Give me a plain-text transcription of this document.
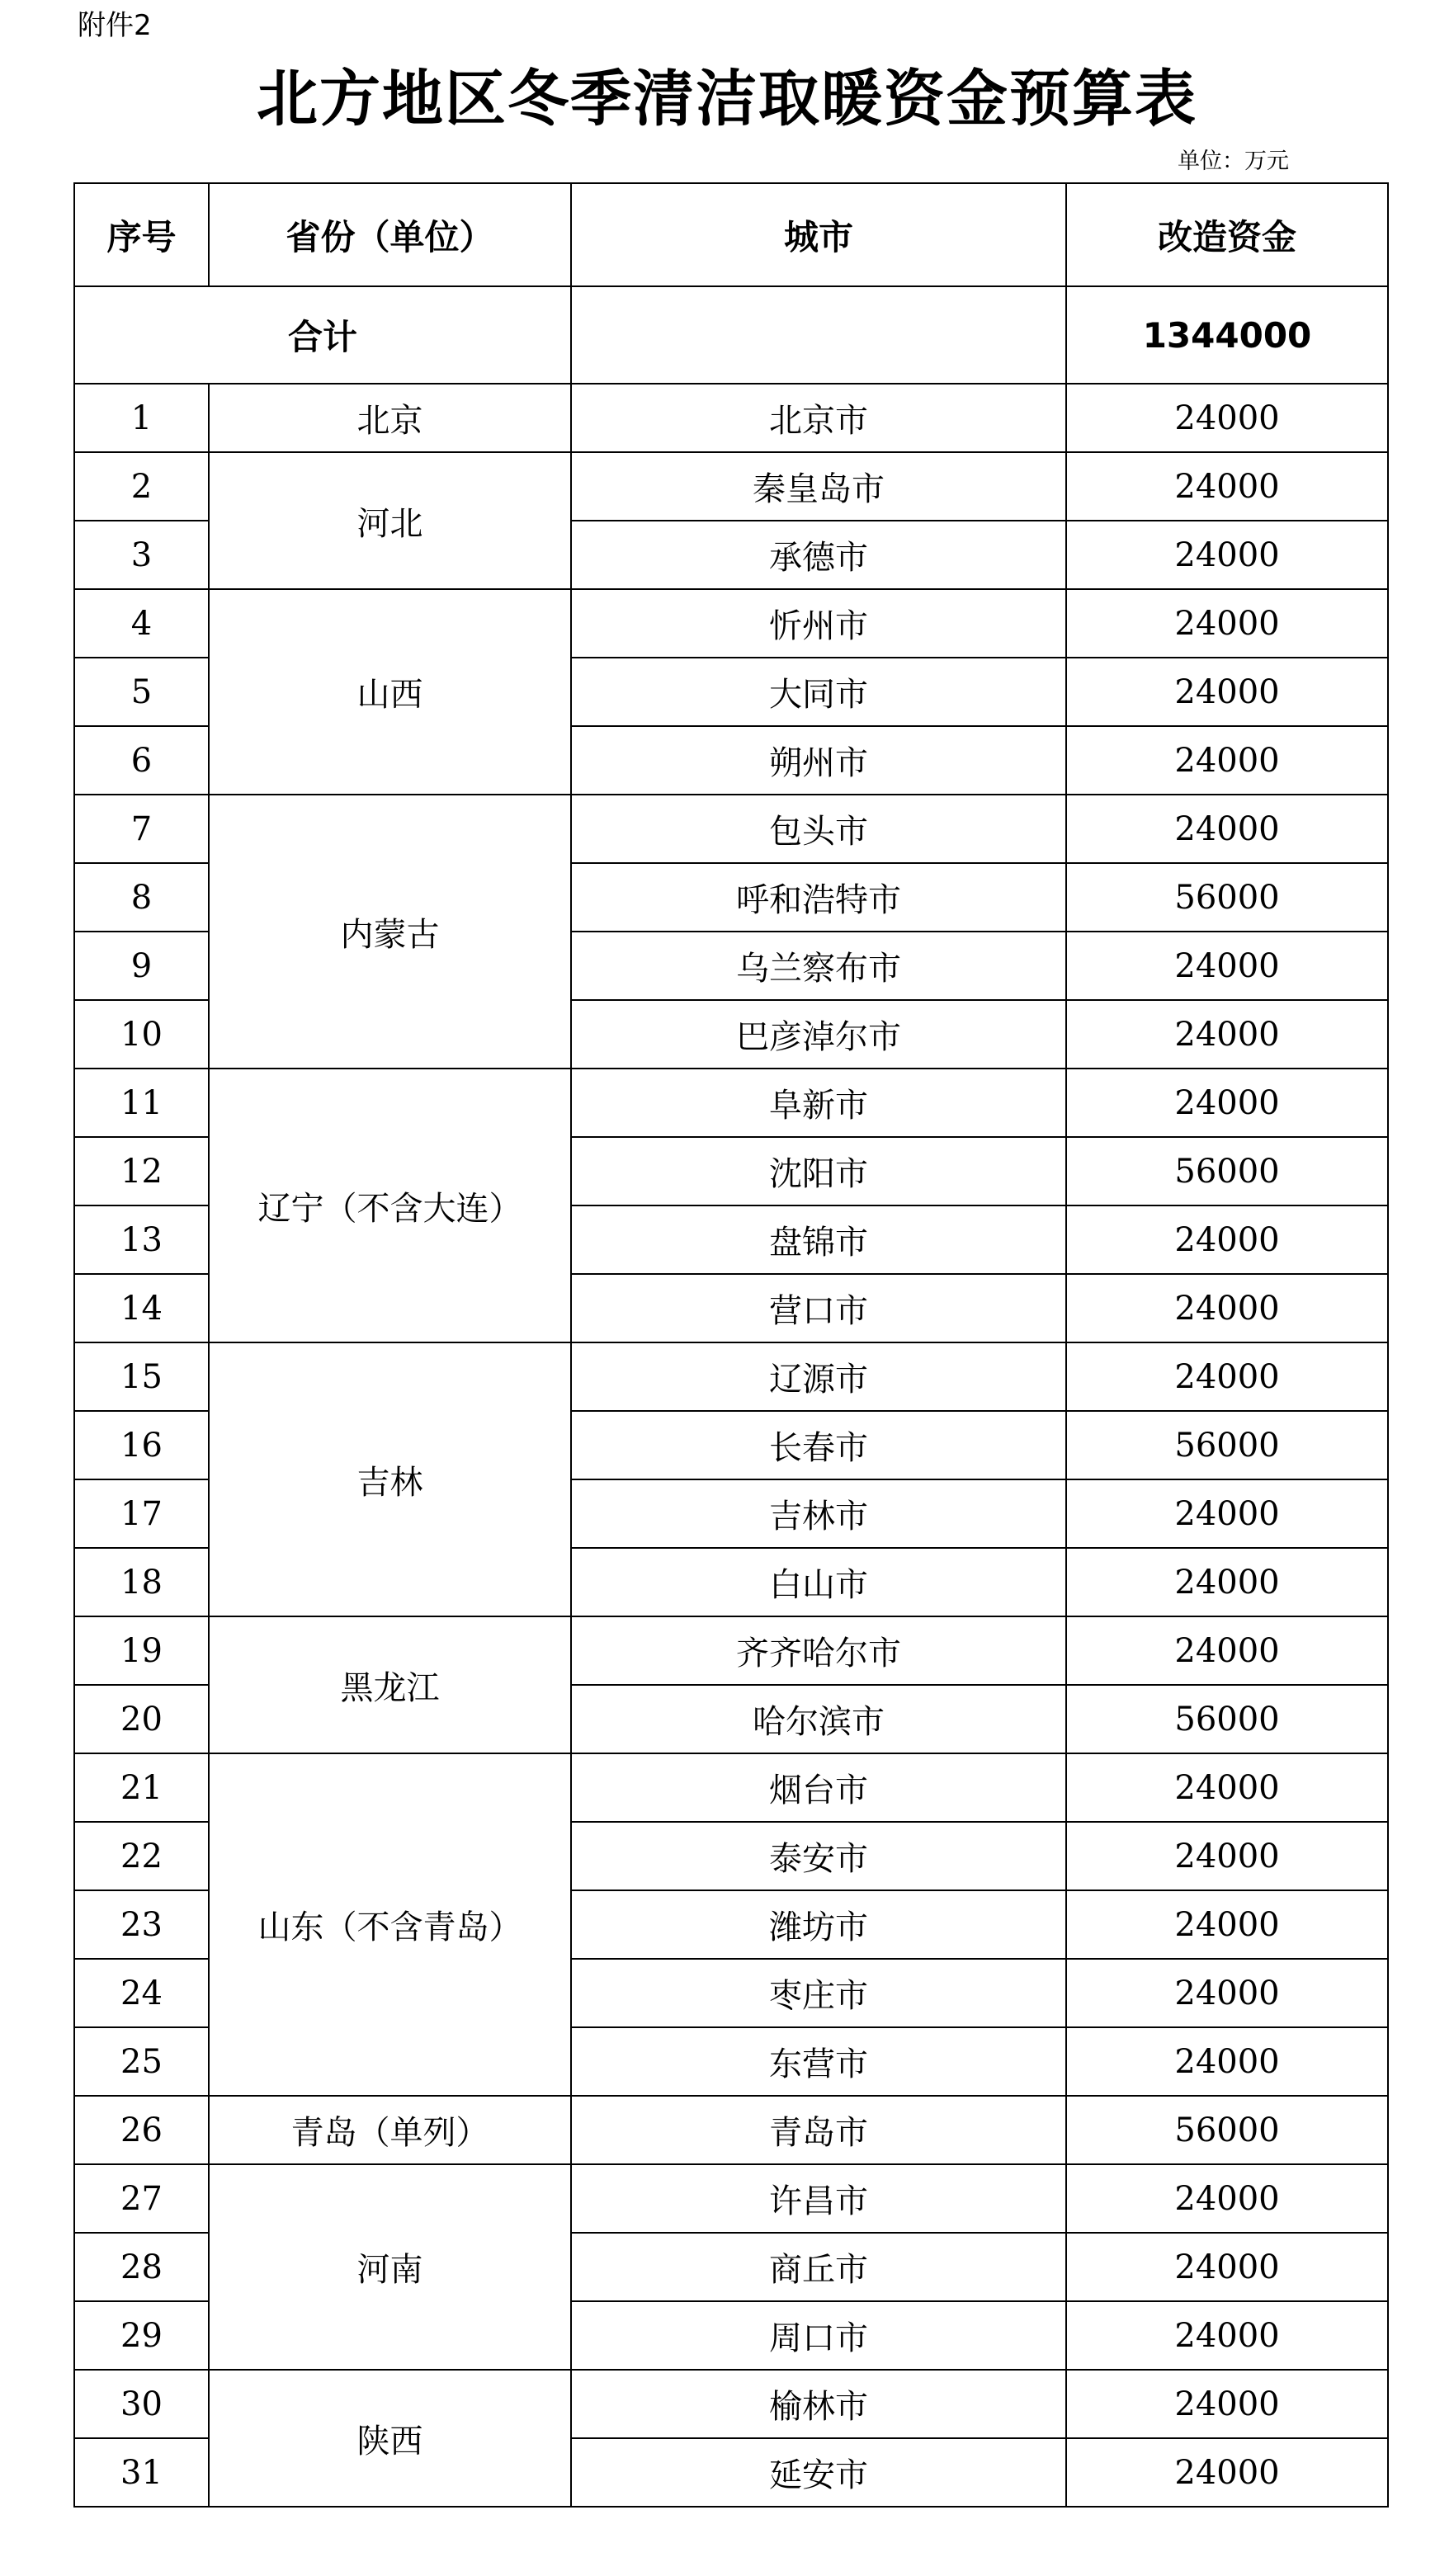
附件2
北方地区冬季清洁取暖资金预算表
单位：万元
序号	省份（单位）	城市	改造资金
合计			1344000
1	北京	北京市	24000
2	河北	秦皇岛市	24000
3		承德市	24000
4	山西	忻州市	24000
5		大同市	24000
6		朔州市	24000
7	内蒙古	包头市	24000
8		呼和浩特市	56000
9		乌兰察布市	24000
10		巴彦淖尔市	24000
11	辽宁（不含大连）	阜新市	24000
12		沈阳市	56000
13		盘锦市	24000
14		营口市	24000
15	吉林	辽源市	24000
16		长春市	56000
17		吉林市	24000
18		白山市	24000
19	黑龙江	齐齐哈尔市	24000
20		哈尔滨市	56000
21	山东（不含青岛）	烟台市	24000
22		泰安市	24000
23		潍坊市	24000
24		枣庄市	24000
25		东营市	24000
26	青岛（单列）	青岛市	56000
27	河南	许昌市	24000
28		商丘市	24000
29		周口市	24000
30	陕西	榆林市	24000
31		延安市	24000
